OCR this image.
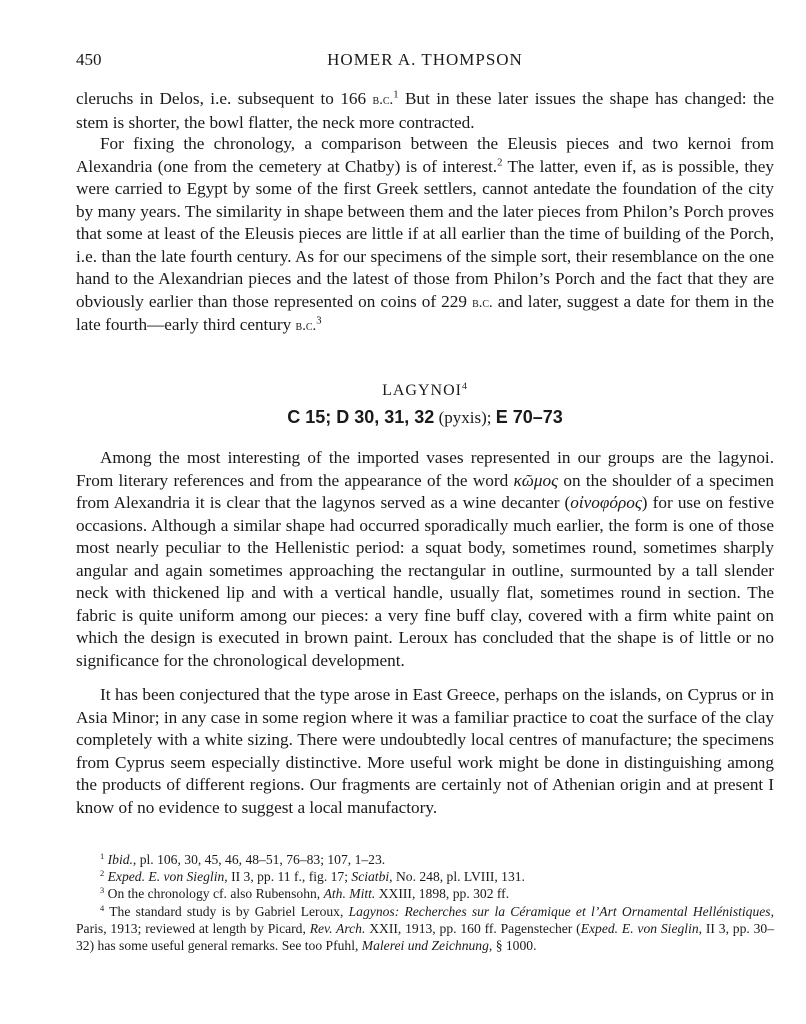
450	HOMER A. THOMPSON

cleruchs in Delos, i.e. subsequent to 166 b.c.$^1$ But in these later issues the shape has changed: the stem is shorter, the bowl flatter, the neck more contracted.

For fixing the chronology, a comparison between the Eleusis pieces and two kernoi from Alexandria (one from the cemetery at Chatby) is of interest.$^2$ The latter, even if, as is possible, they were carried to Egypt by some of the first Greek settlers, cannot antedate the foundation of the city by many years. The similarity in shape between them and the later pieces from Philon’s Porch proves that some at least of the Eleusis pieces are little if at all earlier than the time of building of the Porch, i.e. than the late fourth century. As for our specimens of the simple sort, their resemblance on the one hand to the Alexandrian pieces and the latest of those from Philon’s Porch and the fact that they are obviously earlier than those represented on coins of 229 b.c. and later, suggest a date for them in the late fourth—early third century b.c.$^3$

LAGYNOI$^4$
C 15; D 30, 31, 32 (pyxis); E 70–73

Among the most interesting of the imported vases represented in our groups are the lagynoi. From literary references and from the appearance of the word κῶμος on the shoulder of a specimen from Alexandria it is clear that the lagynos served as a wine decanter (οἰνοφόρος) for use on festive occasions. Although a similar shape had occurred sporadically much earlier, the form is one of those most nearly peculiar to the Hellenistic period: a squat body, sometimes round, sometimes sharply angular and again sometimes approaching the rectangular in outline, surmounted by a tall slender neck with thickened lip and with a vertical handle, usually flat, sometimes round in section. The fabric is quite uniform among our pieces: a very fine buff clay, covered with a firm white paint on which the design is executed in brown paint. Leroux has concluded that the shape is of little or no significance for the chronological development.

It has been conjectured that the type arose in East Greece, perhaps on the islands, on Cyprus or in Asia Minor; in any case in some region where it was a familiar practice to coat the surface of the clay completely with a white sizing. There were undoubtedly local centres of manufacture; the specimens from Cyprus seem especially distinctive. More useful work might be done in distinguishing among the products of different regions. Our fragments are certainly not of Athenian origin and at present I know of no evidence to suggest a local manufactory.

$^1$ Ibid., pl. 106, 30, 45, 46, 48–51, 76–83; 107, 1–23.

$^2$ Exped. E. von Sieglin, II 3, pp. 11 f., fig. 17; Sciatbi, No. 248, pl. LVIII, 131.

$^3$ On the chronology cf. also Rubensohn, Ath. Mitt. XXIII, 1898, pp. 302 ff.

$^4$ The standard study is by Gabriel Leroux, Lagynos: Recherches sur la Céramique et l’Art Ornamental Hellénistiques, Paris, 1913; reviewed at length by Picard, Rev. Arch. XXII, 1913, pp. 160 ff. Pagenstecher (Exped. E. von Sieglin, II 3, pp. 30–32) has some useful general remarks. See too Pfuhl, Malerei und Zeichnung, § 1000.
